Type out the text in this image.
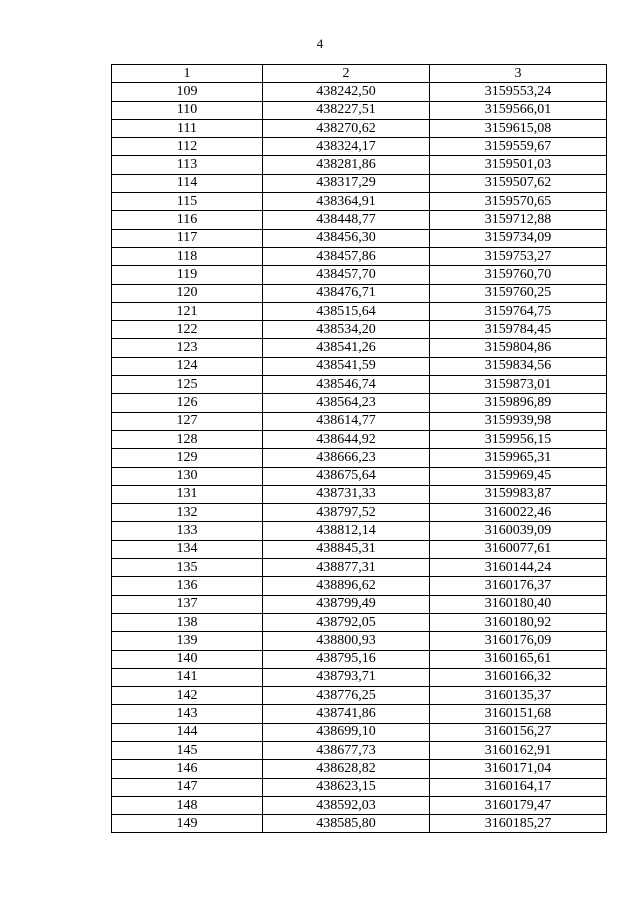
4
1	2	3
109	438242,50	3159553,24
110	438227,51	3159566,01
111	438270,62	3159615,08
112	438324,17	3159559,67
113	438281,86	3159501,03
114	438317,29	3159507,62
115	438364,91	3159570,65
116	438448,77	3159712,88
117	438456,30	3159734,09
118	438457,86	3159753,27
119	438457,70	3159760,70
120	438476,71	3159760,25
121	438515,64	3159764,75
122	438534,20	3159784,45
123	438541,26	3159804,86
124	438541,59	3159834,56
125	438546,74	3159873,01
126	438564,23	3159896,89
127	438614,77	3159939,98
128	438644,92	3159956,15
129	438666,23	3159965,31
130	438675,64	3159969,45
131	438731,33	3159983,87
132	438797,52	3160022,46
133	438812,14	3160039,09
134	438845,31	3160077,61
135	438877,31	3160144,24
136	438896,62	3160176,37
137	438799,49	3160180,40
138	438792,05	3160180,92
139	438800,93	3160176,09
140	438795,16	3160165,61
141	438793,71	3160166,32
142	438776,25	3160135,37
143	438741,86	3160151,68
144	438699,10	3160156,27
145	438677,73	3160162,91
146	438628,82	3160171,04
147	438623,15	3160164,17
148	438592,03	3160179,47
149	438585,80	3160185,27
